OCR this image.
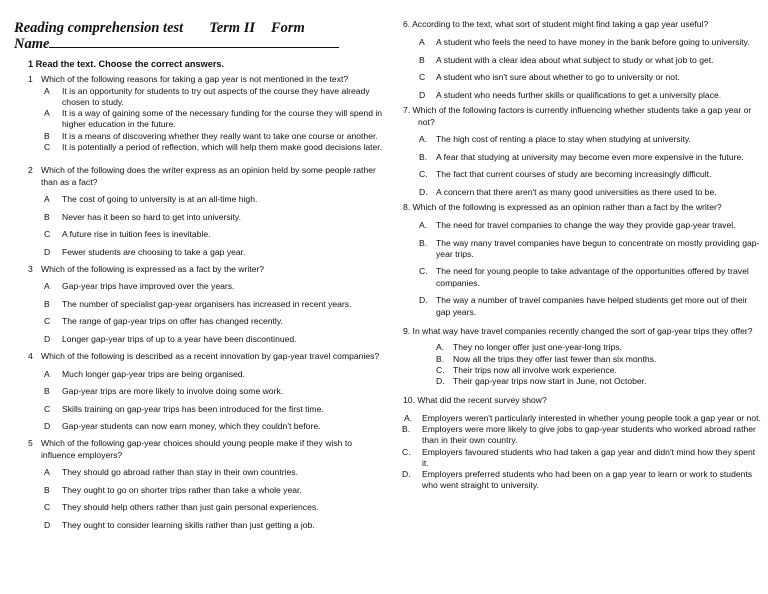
Reading comprehension test Term II Form
Name
1 Read the text. Choose the correct answers.
1 Which of the following reasons for taking a gap year is not mentioned in the text?
A It is an opportunity for students to try out aspects of the course they have already chosen to study.
A It is a way of gaining some of the necessary funding for the course they will spend in higher education in the future.
B It is a means of discovering whether they really want to take one course or another.
C It is potentially a period of reflection, which will help them make good decisions later.
2 Which of the following does the writer express as an opinion held by some people rather than as a fact?
A The cost of going to university is at an all-time high.
B Never has it been so hard to get into university.
C A future rise in tuition fees is inevitable.
D Fewer students are choosing to take a gap year.
3 Which of the following is expressed as a fact by the writer?
A Gap-year trips have improved over the years.
B The number of specialist gap-year organisers has increased in recent years.
C The range of gap-year trips on offer has changed recently.
D Longer gap-year trips of up to a year have been discontinued.
4 Which of the following is described as a recent innovation by gap-year travel companies?
A Much longer gap-year trips are being organised.
B Gap-year trips are more likely to involve doing some work.
C Skills training on gap-year trips has been introduced for the first time.
D Gap-year students can now earn money, which they couldn't before.
5 Which of the following gap-year choices should young people make if they wish to influence employers?
A They should go abroad rather than stay in their own countries.
B They ought to go on shorter trips rather than take a whole year.
C They should help others rather than just gain personal experiences.
D They ought to consider learning skills rather than just getting a job.
6. According to the text, what sort of student might find taking a gap year useful?
A A student who feels the need to have money in the bank before going to university.
B A student with a clear idea about what subject to study or what job to get.
C A student who isn't sure about whether to go to university or not.
D A student who needs further skills or qualifications to get a university place.
7. Which of the following factors is currently influencing whether students take a gap year or not?
A. The high cost of renting a place to stay when studying at university.
B. A fear that studying at university may become even more expensive in the future.
C. The fact that current courses of study are becoming increasingly difficult.
D. A concern that there aren't as many good universities as there used to be.
8. Which of the following is expressed as an opinion rather than a fact by the writer?
A. The need for travel companies to change the way they provide gap-year travel.
B. The way many travel companies have begun to concentrate on mostly providing gap-year trips.
C. The need for young people to take advantage of the opportunities offered by travel companies.
D. The way a number of travel companies have helped students get more out of their gap years.
9. In what way have travel companies recently changed the sort of gap-year trips they offer?
A. They no longer offer just one-year-long trips.
B. Now all the trips they offer last fewer than six months.
C. Their trips now all involve work experience.
D. Their gap-year trips now start in June, not October.
10. What did the recent survey show?
A. Employers weren't particularly interested in whether young people took a gap year or not.
B. Employers were more likely to give jobs to gap-year students who worked abroad rather than in their own country.
C. Employers favoured students who had taken a gap year and didn't mind how they spent it.
D. Employers preferred students who had been on a gap year to learn or work to students who went straight to university.
